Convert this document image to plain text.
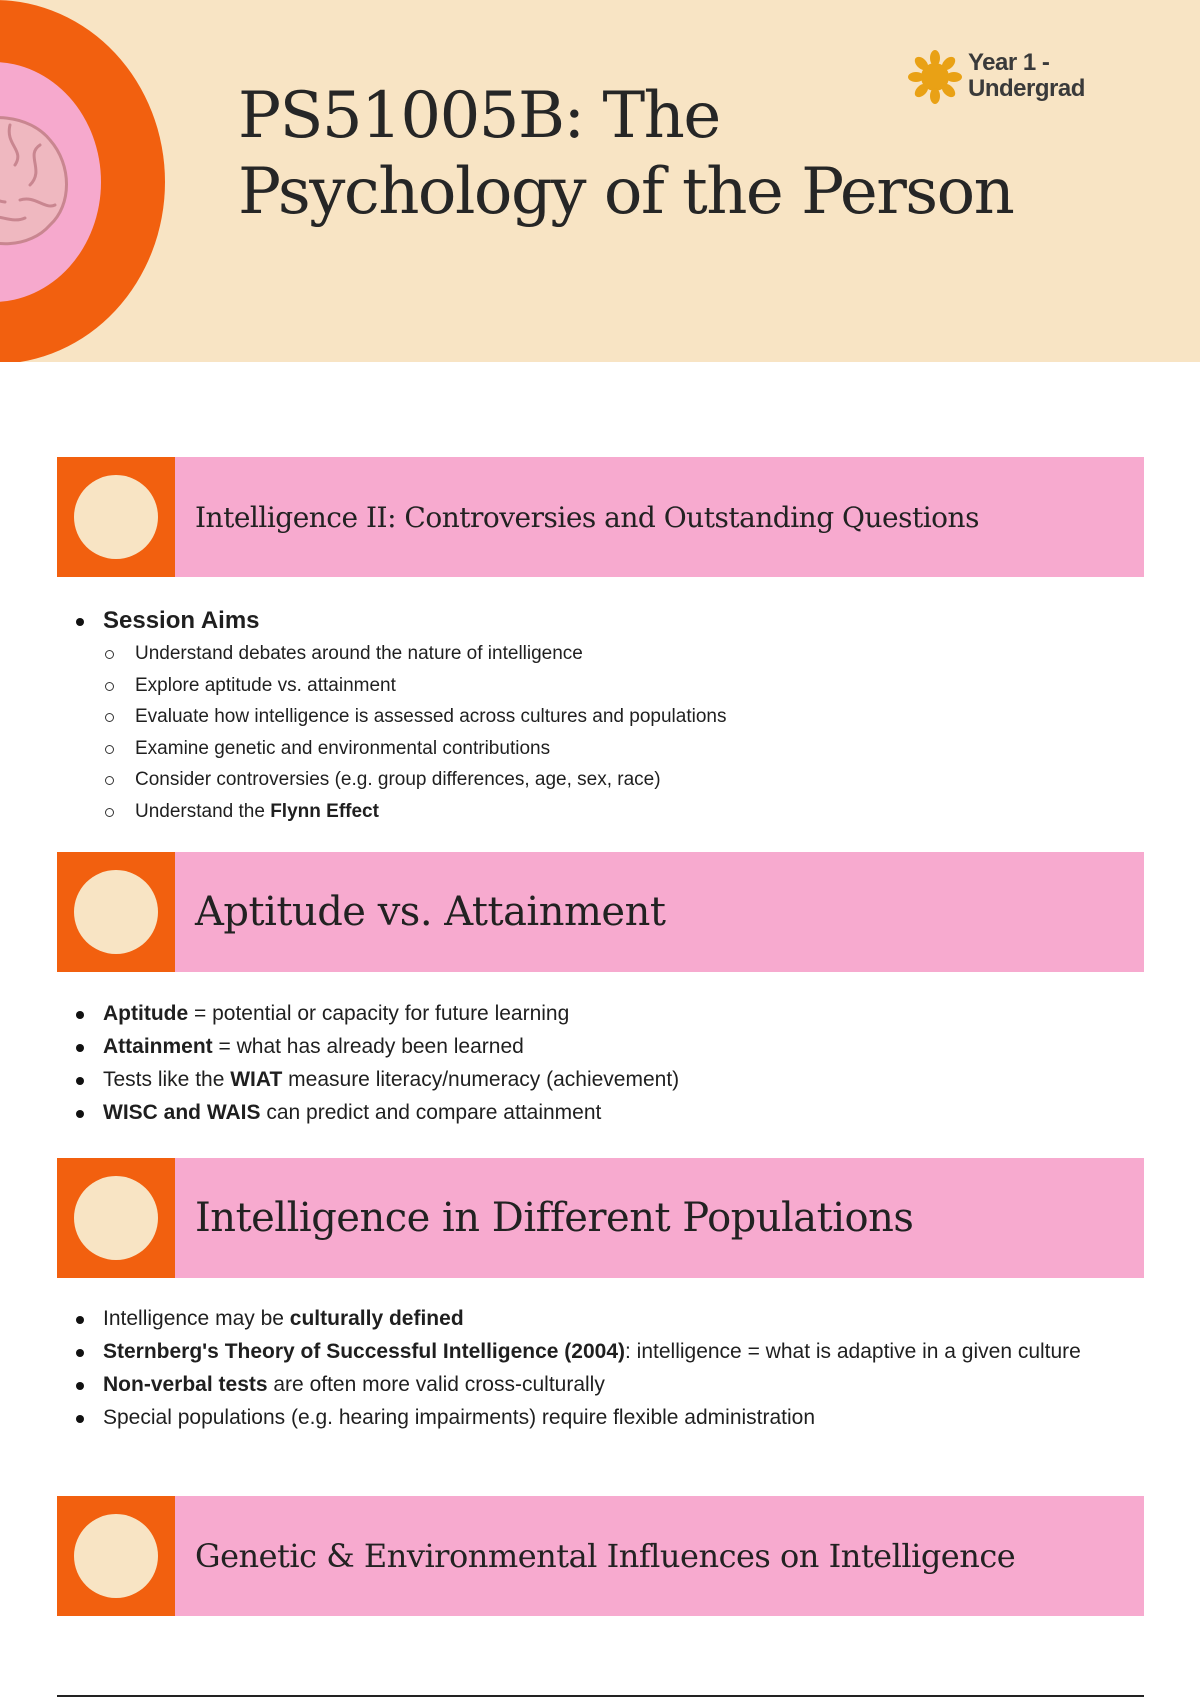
PS51005B: The
Psychology of the Person
Year 1 -
Undergrad
Intelligence II: Controversies and Outstanding Questions
Session Aims
Understand debates around the nature of intelligence
Explore aptitude vs. attainment
Evaluate how intelligence is assessed across cultures and populations
Examine genetic and environmental contributions
Consider controversies (e.g. group differences, age, sex, race)
Understand the Flynn Effect
Aptitude vs. Attainment
Aptitude = potential or capacity for future learning
Attainment = what has already been learned
Tests like the WIAT measure literacy/numeracy (achievement)
WISC and WAIS can predict and compare attainment
Intelligence in Different Populations
Intelligence may be culturally defined
Sternberg's Theory of Successful Intelligence (2004): intelligence = what is adaptive in a given culture
Non-verbal tests are often more valid cross-culturally
Special populations (e.g. hearing impairments) require flexible administration
Genetic & Environmental Influences on Intelligence
